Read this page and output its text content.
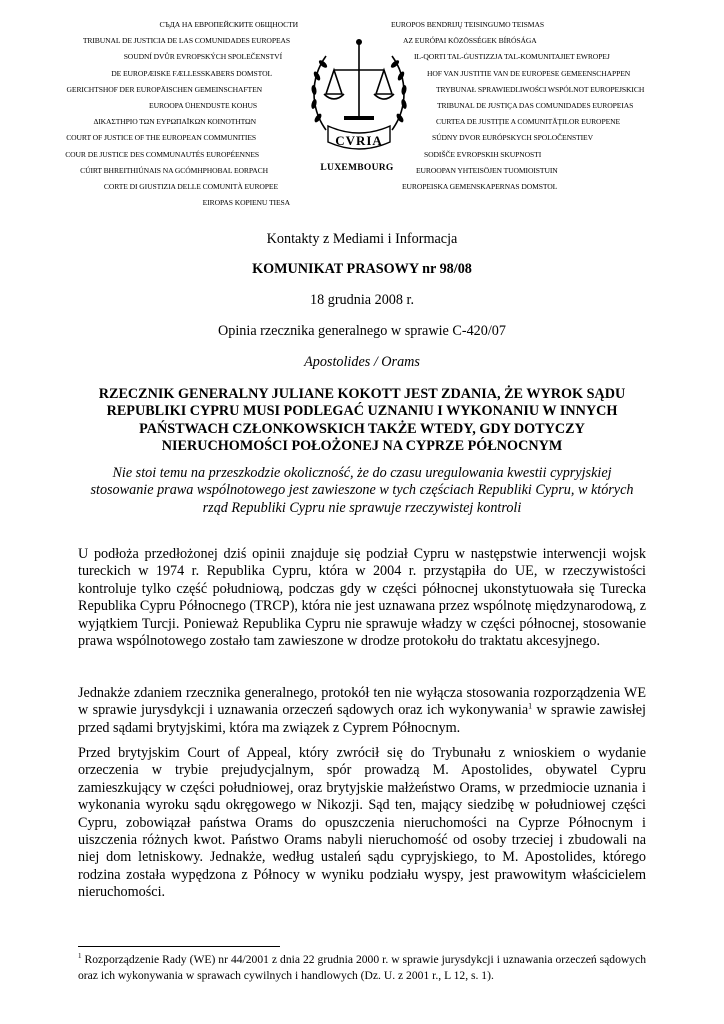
СЪДА НА ЕВРОПЕЙСКИТЕ ОБЩНОСТИ
TRIBUNAL DE JUSTICIA DE LAS COMUNIDADES EUROPEAS
SOUDNÍ DVŮR EVROPSKÝCH SPOLEČENSTVÍ
DE EUROPÆISKE FÆLLESSKABERS DOMSTOL
GERICHTSHOF DER EUROPÄISCHEN GEMEINSCHAFTEN
EUROOPA ÜHENDUSTE KOHUS
ΔΙΚΑΣΤΗΡΙΟ ΤΩΝ ΕΥΡΩΠΑΪΚΩΝ ΚΟΙΝΟΤΗΤΩΝ
COURT OF JUSTICE OF THE EUROPEAN COMMUNITIES
COUR DE JUSTICE DES COMMUNAUTÉS EUROPÉENNES
CÚIRT BHREITHIÚNAIS NA GCÓMHPHOBAL EORPACH
CORTE DI GIUSTIZIA DELLE COMUNITÀ EUROPEE
EIROPAS KOPIENU TIESA
CVRIA
LUXEMBOURG
EUROPOS BENDRIJŲ TEISINGUMO TEISMAS
AZ EURÓPAI KÖZÖSSÉGEK BÍRÓSÁGA
IL-QORTI TAL-ĠUSTIZZJA TAL-KOMUNITAJIET EWROPEJ
HOF VAN JUSTITIE VAN DE EUROPESE GEMEENSCHAPPEN
TRYBUNAŁ SPRAWIEDLIWOŚCI WSPÓLNOT EUROPEJSKICH
TRIBUNAL DE JUSTIÇA DAS COMUNIDADES EUROPEIAS
CURTEA DE JUSTIŢIE A COMUNITĂŢILOR EUROPENE
SÚDNY DVOR EURÓPSKYCH SPOLOČENSTIEV
SODIŠČE EVROPSKIH SKUPNOSTI
EUROOPAN YHTEISÖJEN TUOMIOISTUIN
EUROPEISKA GEMENSKAPERNAS DOMSTOL
Kontakty z Mediami i Informacja
KOMUNIKAT PRASOWY nr 98/08
18 grudnia 2008 r.
Opinia rzecznika generalnego w sprawie C-420/07
Apostolides / Orams
RZECZNIK GENERALNY JULIANE KOKOTT JEST ZDANIA, ŻE WYROK SĄDU REPUBLIKI CYPRU MUSI PODLEGAĆ UZNANIU I WYKONANIU W INNYCH PAŃSTWACH CZŁONKOWSKICH TAKŻE WTEDY, GDY DOTYCZY NIERUCHOMOŚCI POŁOŻONEJ NA CYPRZE PÓŁNOCNYM
Nie stoi temu na przeszkodzie okoliczność, że do czasu uregulowania kwestii cypryjskiej stosowanie prawa wspólnotowego jest zawieszone w tych częściach Republiki Cypru, w których rząd Republiki Cypru nie sprawuje rzeczywistej kontroli
U podłoża przedłożonej dziś opinii znajduje się podział Cypru w następstwie interwencji wojsk tureckich w 1974 r. Republika Cypru, która w 2004 r. przystąpiła do UE, w rzeczywistości kontroluje tylko część południową, podczas gdy w części północnej ukonstytuowała się Turecka Republika Cypru Północnego (TRCP), która nie jest uznawana przez wspólnotę międzynarodową, z wyjątkiem Turcji. Ponieważ Republika Cypru nie sprawuje władzy w części północnej, stosowanie prawa wspólnotowego zostało tam zawieszone w drodze protokołu do traktatu akcesyjnego.
Jednakże zdaniem rzecznika generalnego, protokół ten nie wyłącza stosowania rozporządzenia WE w sprawie jurysdykcji i uznawania orzeczeń sądowych oraz ich wykonywania$^1$ w sprawie zawisłej przed sądami brytyjskimi, która ma związek z Cyprem Północnym.
Przed brytyjskim Court of Appeal, który zwrócił się do Trybunału z wnioskiem o wydanie orzeczenia w trybie prejudycjalnym, spór prowadzą M. Apostolides, obywatel Cypru zamieszkujący w części południowej, oraz brytyjskie małżeństwo Orams, w przedmiocie uznania i wykonania wyroku sądu okręgowego w Nikozji. Sąd ten, mający siedzibę w południowej części Cypru, zobowiązał państwa Orams do opuszczenia nieruchomości na Cyprze Północnym i uiszczenia różnych kwot. Państwo Orams nabyli nieruchomość od osoby trzeciej i zbudowali na niej dom letniskowy. Jednakże, według ustaleń sądu cypryjskiego, to M. Apostolides, którego rodzina została wypędzona z Północy w wyniku podziału wyspy, jest prawowitym właścicielem nieruchomości.
$^1$ Rozporządzenie Rady (WE) nr 44/2001 z dnia 22 grudnia 2000 r. w sprawie jurysdykcji i uznawania orzeczeń sądowych oraz ich wykonywania w sprawach cywilnych i handlowych (Dz. U. z 2001 r., L 12, s. 1).
